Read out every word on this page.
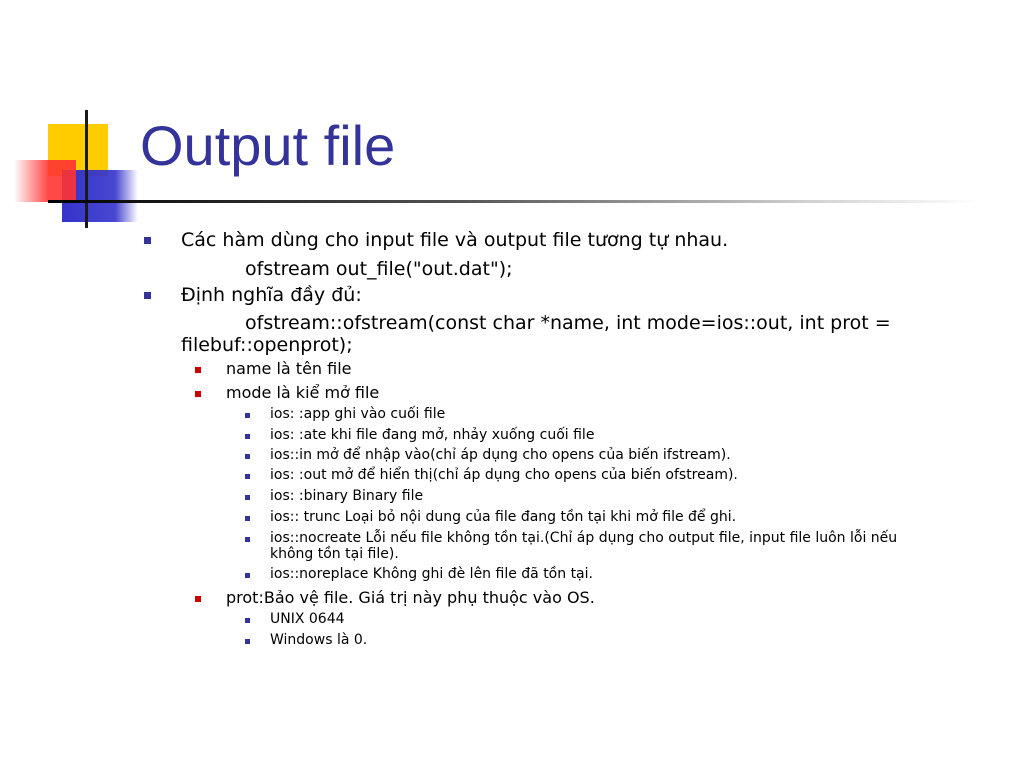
Output file
Các hàm dùng cho input file và output file tương tự nhau.
ofstream out_file("out.dat");
Định nghĩa đầy đủ:
ofstream::ofstream(const char *name, int mode=ios::out, int prot =
filebuf::openprot);
name là tên file
mode là kiể mở file
ios: :app ghi vào cuối file
ios: :ate khi file đang mở, nhảy xuống cuối file
ios::in mở để nhập vào(chỉ áp dụng cho opens của biến ifstream).
ios: :out mở để hiển thị(chỉ áp dụng cho opens của biến ofstream).
ios: :binary Binary file
ios:: trunc Loại bỏ nội dung của file đang tồn tại khi mở file để ghi.
ios::nocreate Lỗi nếu file không tồn tại.(Chỉ áp dụng cho output file, input file luôn lỗi nếu
không tồn tại file).
ios::noreplace Không ghi đè lên file đã tồn tại.
prot:Bảo vệ file. Giá trị này phụ thuộc vào OS.
UNIX 0644
Windows là 0.
